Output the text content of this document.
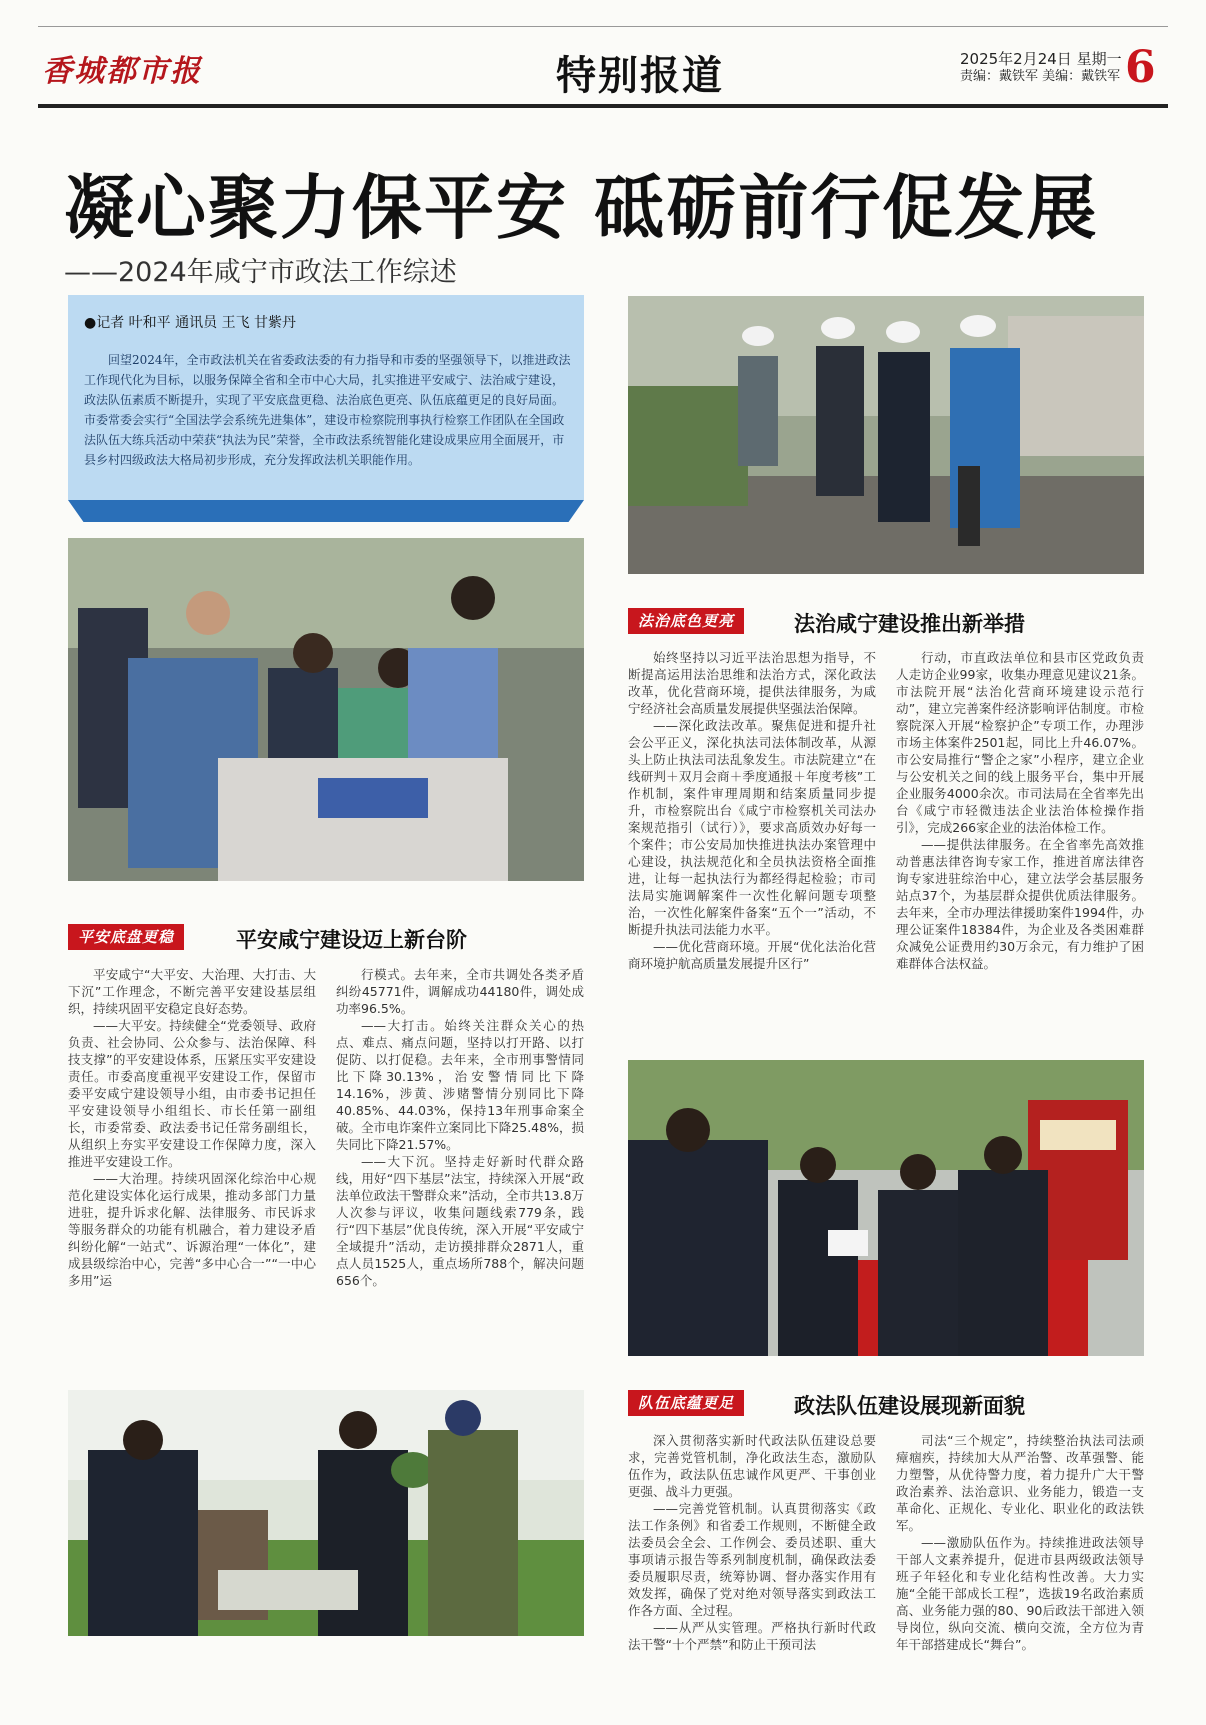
香城都市报	特别报道	2025年2月24日 星期一
责编：戴铁军 美编：戴铁军 6
凝心聚力保平安 砥砺前行促发展
——2024年咸宁市政法工作综述
●记者 叶和平 通讯员 王飞 甘紫丹
回望2024年，全市政法机关在省委政法委的有力指导和市委的坚强领导下，以推进政法工作现代化为目标，以服务保障全省和全市中心大局，扎实推进平安咸宁、法治咸宁建设，政法队伍素质不断提升，实现了平安底盘更稳、法治底色更亮、队伍底蕴更足的良好局面。市委常委会实行“全国法学会系统先进集体”，建设市检察院刑事执行检察工作团队在全国政法队伍大练兵活动中荣获“执法为民”荣誉，全市政法系统智能化建设成果应用全面展开，市县乡村四级政法大格局初步形成，充分发挥政法机关职能作用。
法治底色更亮	法治咸宁建设推出新举措

始终坚持以习近平法治思想为指导，不断提高运用法治思维和法治方式，深化政法改革，优化营商环境，提供法律服务，为咸宁经济社会高质量发展提供坚强法治保障。

——深化政法改革。聚焦促进和提升社会公平正义，深化执法司法体制改革，从源头上防止执法司法乱象发生。市法院建立“在线研判＋双月会商＋季度通报＋年度考核”工作机制，案件审理周期和结案质量同步提升，市检察院出台《咸宁市检察机关司法办案规范指引（试行）》，要求高质效办好每一个案件；市公安局加快推进执法办案管理中心建设，执法规范化和全员执法资格全面推进，让每一起执法行为都经得起检验；市司法局实施调解案件一次性化解问题专项整治，一次性化解案件备案“五个一”活动，不断提升执法司法能力水平。

——优化营商环境。开展“优化法治化营商环境护航高质量发展提升区行”

行动，市直政法单位和县市区党政负责人走访企业99家，收集办理意见建议21条。市法院开展“法治化营商环境建设示范行动”，建立完善案件经济影响评估制度。市检察院深入开展“检察护企”专项工作，办理涉市场主体案件2501起，同比上升46.07%。市公安局推行“警企之家”小程序，建立企业与公安机关之间的线上服务平台，集中开展企业服务4000余次。市司法局在全省率先出台《咸宁市轻微违法企业法治体检操作指引》，完成266家企业的法治体检工作。

——提供法律服务。在全省率先高效推动普惠法律咨询专家工作，推进首席法律咨询专家进驻综治中心，建立法学会基层服务站点37个，为基层群众提供优质法律服务。去年来，全市办理法律援助案件1994件，办理公证案件18384件，为企业及各类困难群众减免公证费用约30万余元，有力维护了困难群体合法权益。

平安底盘更稳	平安咸宁建设迈上新台阶

平安咸宁“大平安、大治理、大打击、大下沉”工作理念，不断完善平安建设基层组织，持续巩固平安稳定良好态势。

——大平安。持续健全“党委领导、政府负责、社会协同、公众参与、法治保障、科技支撑”的平安建设体系，压紧压实平安建设责任。市委高度重视平安建设工作，保留市委平安咸宁建设领导小组，由市委书记担任平安建设领导小组组长、市长任第一副组长，市委常委、政法委书记任常务副组长，从组织上夯实平安建设工作保障力度，深入推进平安建设工作。

——大治理。持续巩固深化综治中心规范化建设实体化运行成果，推动多部门力量进驻，提升诉求化解、法律服务、市民诉求等服务群众的功能有机融合，着力建设矛盾纠纷化解“一站式”、诉源治理“一体化”，建成县级综治中心，完善“多中心合一”“一中心多用”运

行模式。去年来，全市共调处各类矛盾纠纷45771件，调解成功44180件，调处成功率96.5%。

——大打击。始终关注群众关心的热点、难点、痛点问题，坚持以打开路、以打促防、以打促稳。去年来，全市刑事警情同比下降30.13%，治安警情同比下降14.16%，涉黄、涉赌警情分别同比下降40.85%、44.03%，保持13年刑事命案全破。全市电诈案件立案同比下降25.48%，损失同比下降21.57%。

——大下沉。坚持走好新时代群众路线，用好“四下基层”法宝，持续深入开展“政法单位政法干警群众来”活动，全市共13.8万人次参与评议，收集问题线索779条，践行“四下基层”优良传统，深入开展“平安咸宁全域提升”活动，走访摸排群众2871人，重点人员1525人，重点场所788个，解决问题656个。

队伍底蕴更足	政法队伍建设展现新面貌

深入贯彻落实新时代政法队伍建设总要求，完善党管机制，净化政法生态，激励队伍作为，政法队伍忠诚作风更严、干事创业更强、战斗力更强。

——完善党管机制。认真贯彻落实《政法工作条例》和省委工作规则，不断健全政法委员会全会、工作例会、委员述职、重大事项请示报告等系列制度机制，确保政法委委员履职尽责，统筹协调、督办落实作用有效发挥，确保了党对绝对领导落实到政法工作各方面、全过程。

——从严从实管理。严格执行新时代政法干警“十个严禁”和防止干预司法

司法“三个规定”，持续整治执法司法顽瘴痼疾，持续加大从严治警、改革强警、能力塑警，从优待警力度，着力提升广大干警政治素养、法治意识、业务能力，锻造一支革命化、正规化、专业化、职业化的政法铁军。

——激励队伍作为。持续推进政法领导干部人文素养提升，促进市县两级政法领导班子年轻化和专业化结构性改善。大力实施“全能干部成长工程”，选拔19名政治素质高、业务能力强的80、90后政法干部进入领导岗位，纵向交流、横向交流，全方位为青年干部搭建成长“舞台”。
